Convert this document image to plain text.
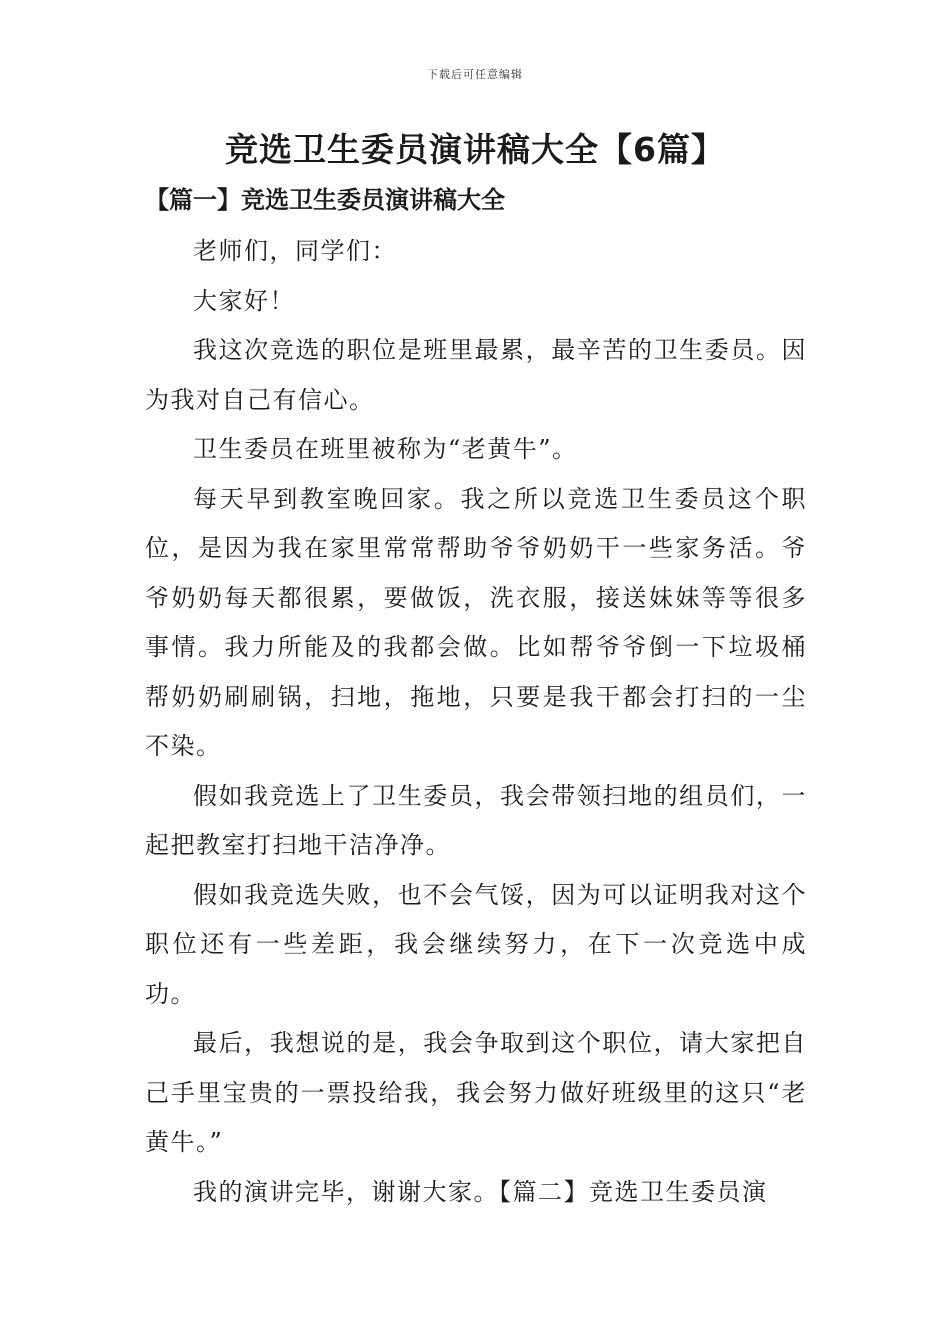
下载后可任意编辑
竞选卫生委员演讲稿大全【6篇】
【篇一】竞选卫生委员演讲稿大全

老师们，同学们：

大家好！

我这次竞选的职位是班里最累，最辛苦的卫生委员。因为我对自己有信心。

卫生委员在班里被称为“老黄牛”。

每天早到教室晚回家。我之所以竞选卫生委员这个职位，是因为我在家里常常帮助爷爷奶奶干一些家务活。爷爷奶奶每天都很累，要做饭，洗衣服，接送妹妹等等很多事情。我力所能及的我都会做。比如帮爷爷倒一下垃圾桶帮奶奶刷刷锅，扫地，拖地，只要是我干都会打扫的一尘不染。

假如我竞选上了卫生委员，我会带领扫地的组员们，一起把教室打扫地干洁净净。

假如我竞选失败，也不会气馁，因为可以证明我对这个职位还有一些差距，我会继续努力，在下一次竞选中成功。

最后，我想说的是，我会争取到这个职位，请大家把自己手里宝贵的一票投给我，我会努力做好班级里的这只“老黄牛。”

我的演讲完毕，谢谢大家。【篇二】竞选卫生委员演
